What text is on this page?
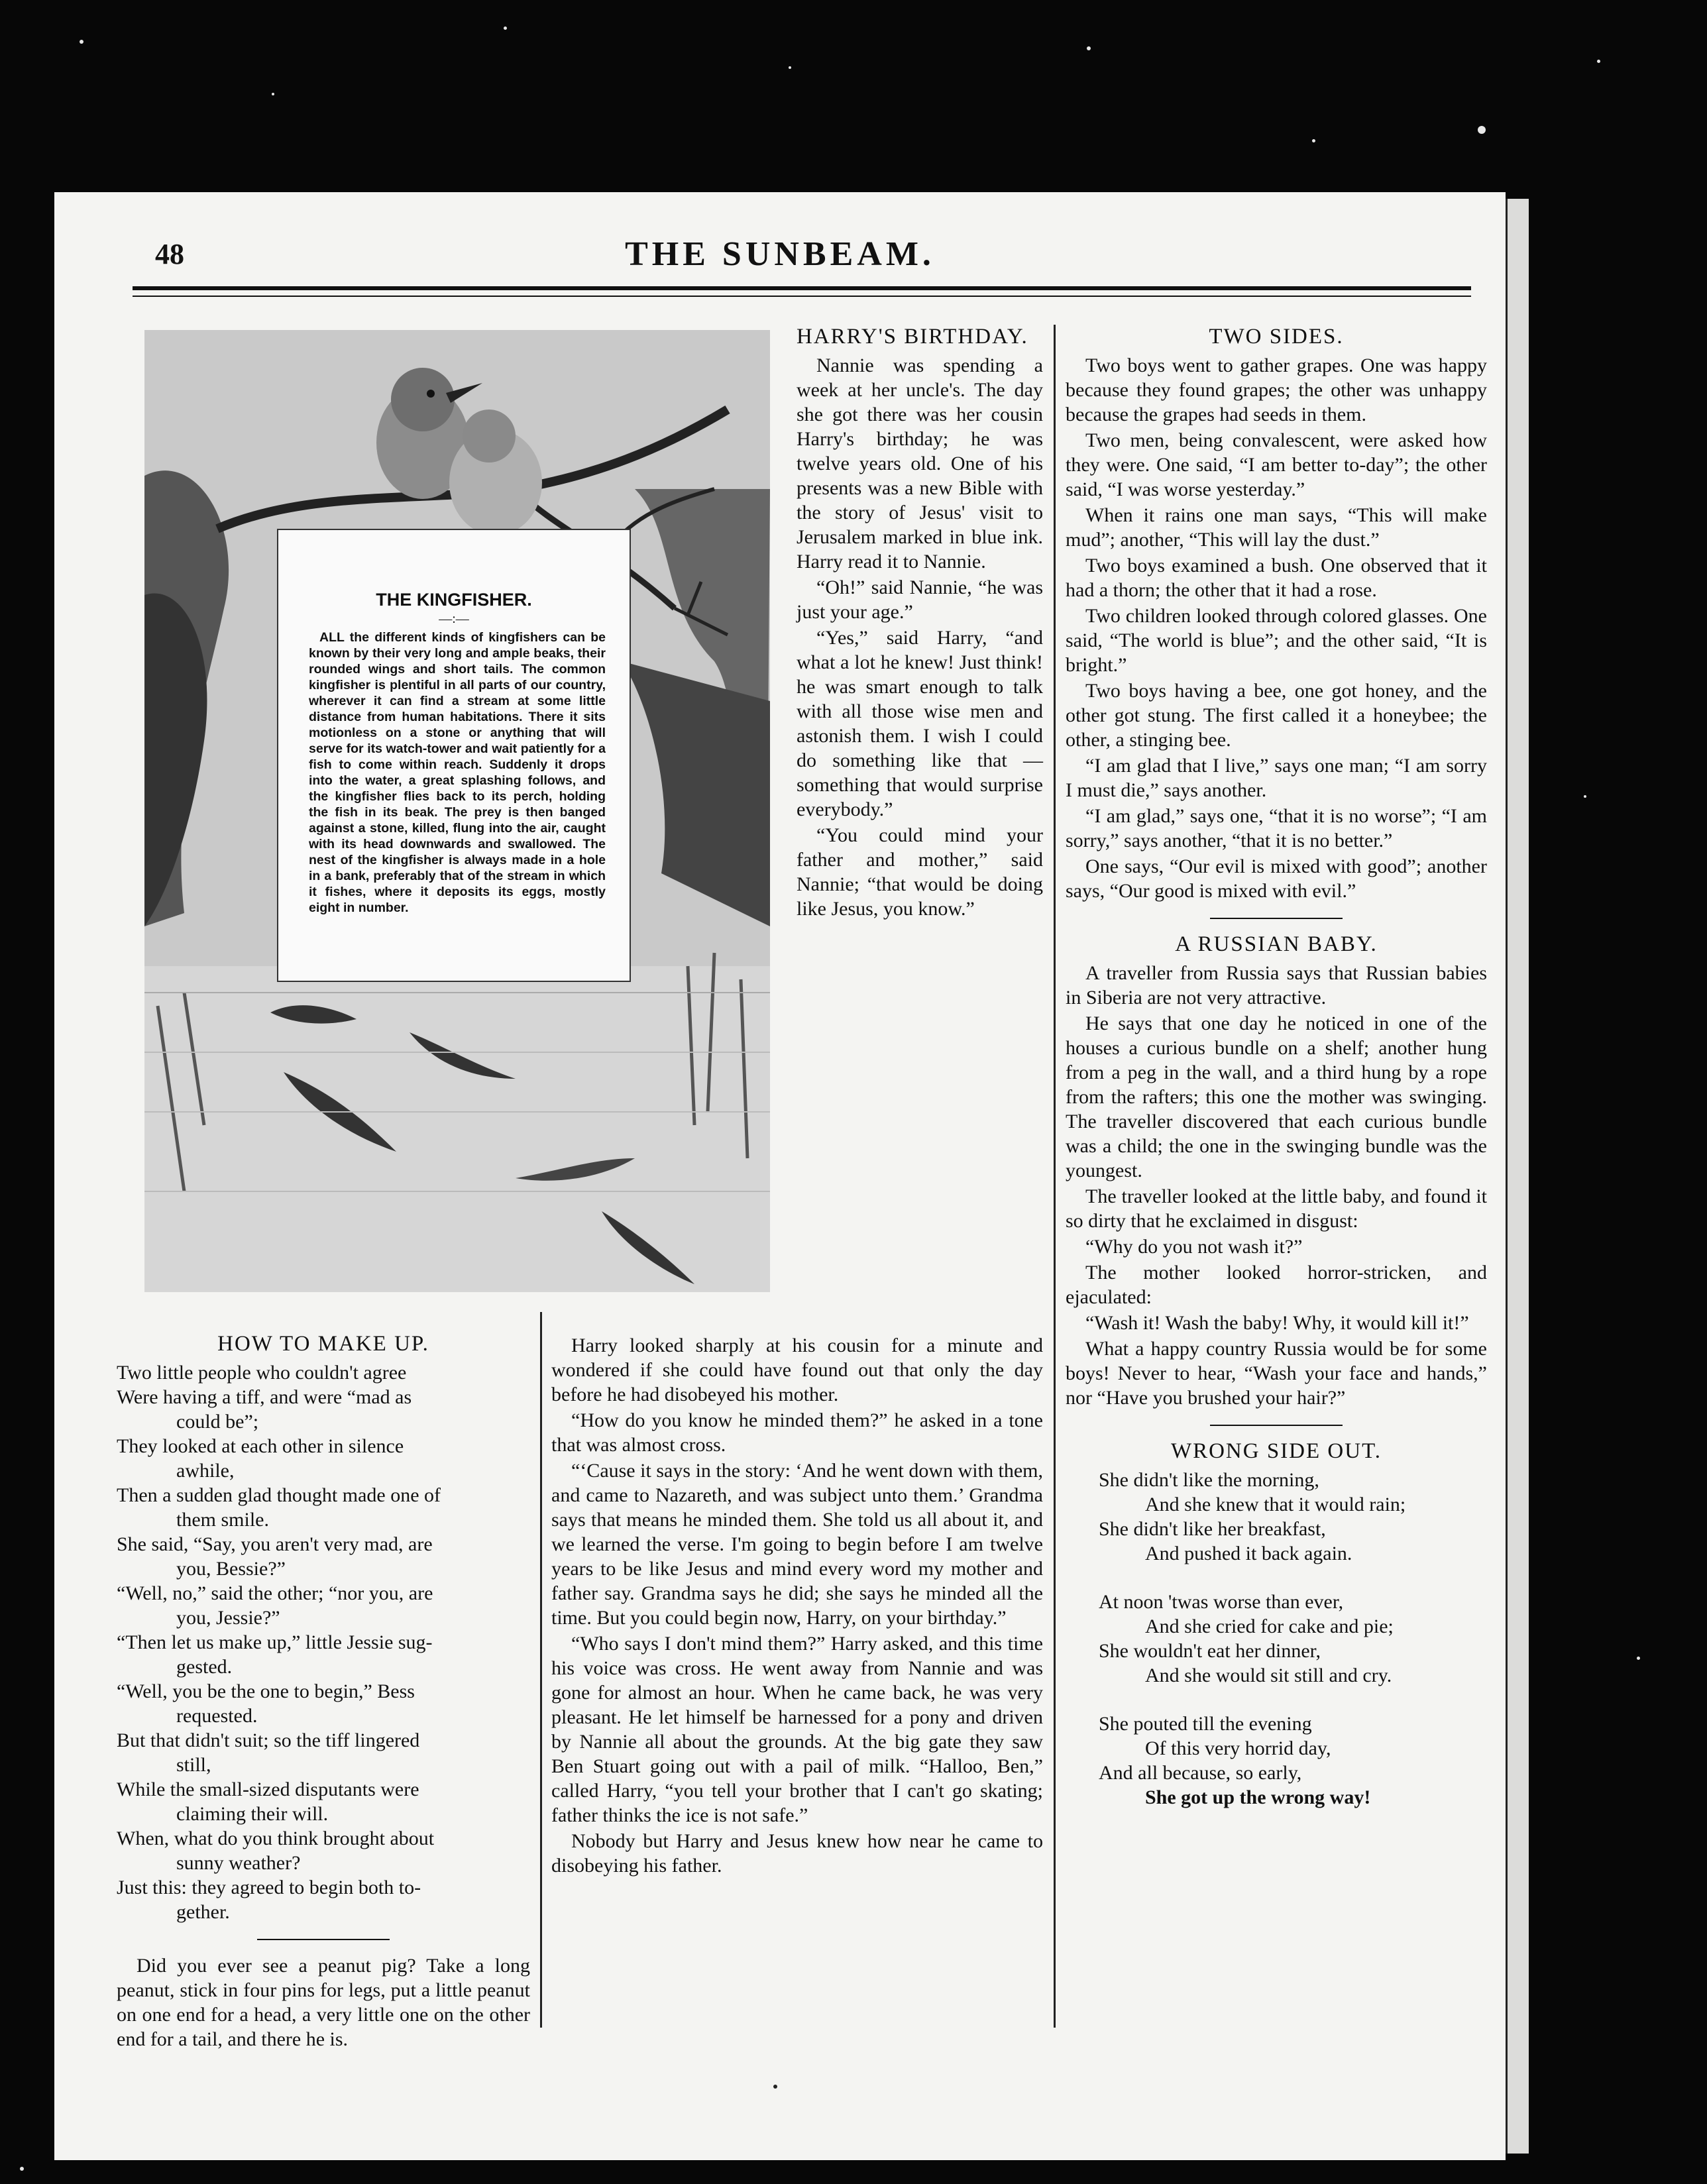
48	THE SUNBEAM.
THE KINGFISHER.
—:—

ALL the different kinds of kingfishers can be known by their very long and ample beaks, their rounded wings and short tails. The common kingfisher is plentiful in all parts of our country, wherever it can find a stream at some little distance from human habitations. There it sits motionless on a stone or anything that will serve for its watch-tower and wait patiently for a fish to come within reach. Suddenly it drops into the water, a great splashing follows, and the kingfisher flies back to its perch, holding the fish in its beak. The prey is then banged against a stone, killed, flung into the air, caught with its head downwards and swallowed. The nest of the kingfisher is always made in a hole in a bank, preferably that of the stream in which it fishes, where it deposits its eggs, mostly eight in number.

HARRY'S BIRTHDAY.

Nannie was spending a week at her uncle's. The day she got there was her cousin Harry's birthday; he was twelve years old. One of his presents was a new Bible with the story of Jesus' visit to Jerusalem marked in blue ink. Harry read it to Nannie.

“Oh!” said Nannie, “he was just your age.”

“Yes,” said Harry, “and what a lot he knew! Just think! he was smart enough to talk with all those wise men and astonish them. I wish I could do something like that — something that would surprise everybody.”

“You could mind your father and mother,” said Nannie; “that would be doing like Jesus, you know.”

HOW TO MAKE UP.

Two little people who couldn't agree

Were having a tiff, and were “mad as

could be”;

They looked at each other in silence

awhile,

Then a sudden glad thought made one of

them smile.

She said, “Say, you aren't very mad, are

you, Bessie?”

“Well, no,” said the other; “nor you, are

you, Jessie?”

“Then let us make up,” little Jessie sug-

gested.

“Well, you be the one to begin,” Bess

requested.

But that didn't suit; so the tiff lingered

still,

While the small-sized disputants were

claiming their will.

When, what do you think brought about

sunny weather?

Just this: they agreed to begin both to-

gether.

Did you ever see a peanut pig? Take a long peanut, stick in four pins for legs, put a little peanut on one end for a head, a very little one on the other end for a tail, and there he is.

Harry looked sharply at his cousin for a minute and wondered if she could have found out that only the day before he had disobeyed his mother.

“How do you know he minded them?” he asked in a tone that was almost cross.

“‘Cause it says in the story: ‘And he went down with them, and came to Nazareth, and was subject unto them.’ Grandma says that means he minded them. She told us all about it, and we learned the verse. I'm going to begin before I am twelve years to be like Jesus and mind every word my mother and father say. Grandma says he did; she says he minded all the time. But you could begin now, Harry, on your birthday.”

“Who says I don't mind them?” Harry asked, and this time his voice was cross. He went away from Nannie and was gone for almost an hour. When he came back, he was very pleasant. He let himself be harnessed for a pony and driven by Nannie all about the grounds. At the big gate they saw Ben Stuart going out with a pail of milk. “Halloo, Ben,” called Harry, “you tell your brother that I can't go skating; father thinks the ice is not safe.”

Nobody but Harry and Jesus knew how near he came to disobeying his father.

TWO SIDES.

Two boys went to gather grapes. One was happy because they found grapes; the other was unhappy because the grapes had seeds in them.

Two men, being convalescent, were asked how they were. One said, “I am better to-day”; the other said, “I was worse yesterday.”

When it rains one man says, “This will make mud”; another, “This will lay the dust.”

Two boys examined a bush. One observed that it had a thorn; the other that it had a rose.

Two children looked through colored glasses. One said, “The world is blue”; and the other said, “It is bright.”

Two boys having a bee, one got honey, and the other got stung. The first called it a honeybee; the other, a stinging bee.

“I am glad that I live,” says one man; “I am sorry I must die,” says another.

“I am glad,” says one, “that it is no worse”; “I am sorry,” says another, “that it is no better.”

One says, “Our evil is mixed with good”; another says, “Our good is mixed with evil.”

A RUSSIAN BABY.

A traveller from Russia says that Russian babies in Siberia are not very attractive.

He says that one day he noticed in one of the houses a curious bundle on a shelf; another hung from a peg in the wall, and a third hung by a rope from the rafters; this one the mother was swinging. The traveller discovered that each curious bundle was a child; the one in the swinging bundle was the youngest.

The traveller looked at the little baby, and found it so dirty that he exclaimed in disgust:

“Why do you not wash it?”

The mother looked horror-stricken, and ejaculated:

“Wash it! Wash the baby! Why, it would kill it!”

What a happy country Russia would be for some boys! Never to hear, “Wash your face and hands,” nor “Have you brushed your hair?”

WRONG SIDE OUT.

She didn't like the morning,

And she knew that it would rain;

She didn't like her breakfast,

And pushed it back again.

At noon 'twas worse than ever,

And she cried for cake and pie;

She wouldn't eat her dinner,

And she would sit still and cry.

She pouted till the evening

Of this very horrid day,

And all because, so early,

She got up the wrong way!
